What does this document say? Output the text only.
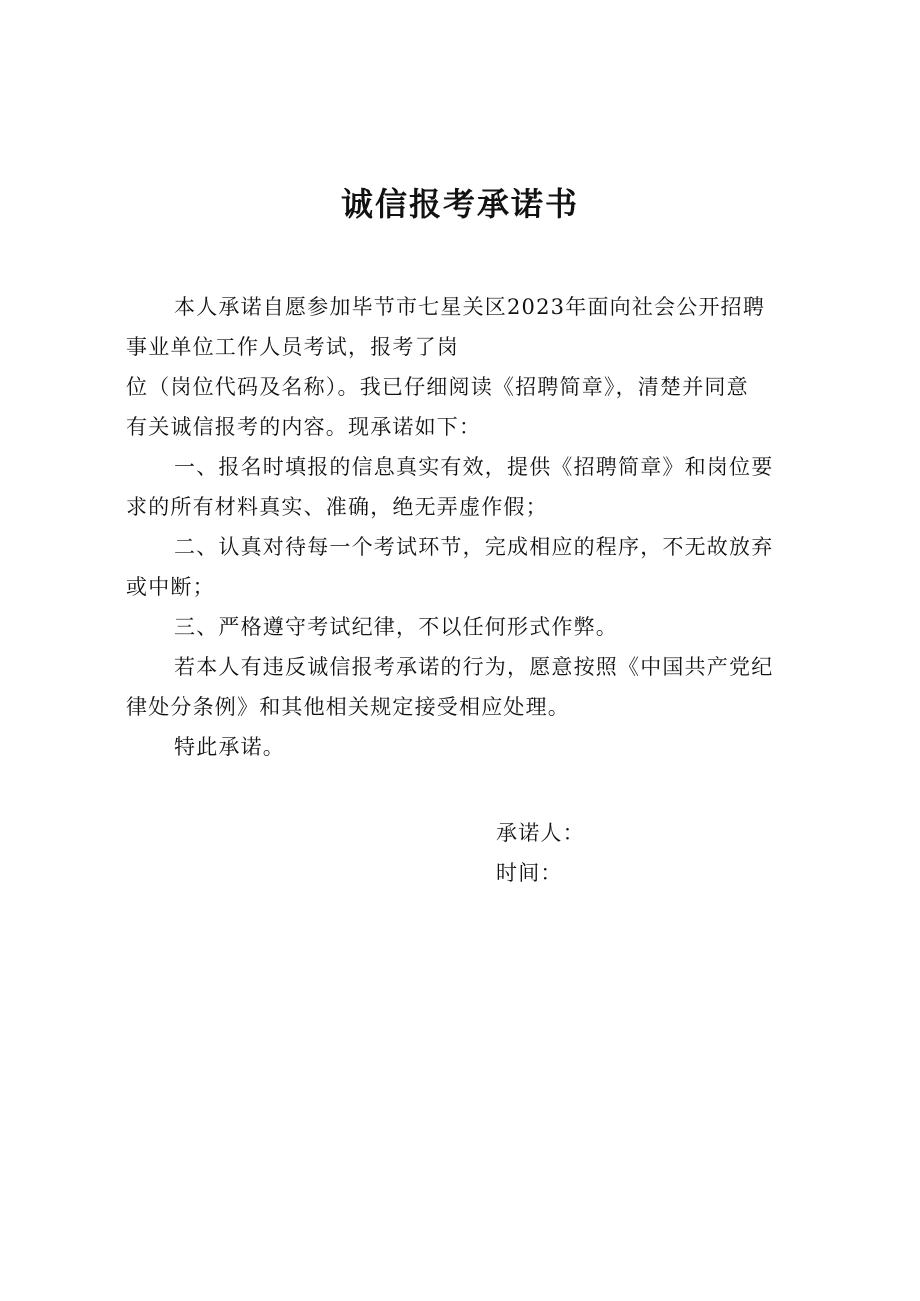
诚信报考承诺书
本人承诺自愿参加毕节市七星关区2023年面向社会公开招聘
事业单位工作人员考试，报考了岗
位（岗位代码及名称）。我已仔细阅读《招聘简章》，清楚并同意
有关诚信报考的内容。现承诺如下：
一、报名时填报的信息真实有效，提供《招聘简章》和岗位要
求的所有材料真实、准确，绝无弄虚作假；
二、认真对待每一个考试环节，完成相应的程序，不无故放弃
或中断；
三、严格遵守考试纪律，不以任何形式作弊。
若本人有违反诚信报考承诺的行为，愿意按照《中国共产党纪
律处分条例》和其他相关规定接受相应处理。
特此承诺。
承诺人：
时间：
